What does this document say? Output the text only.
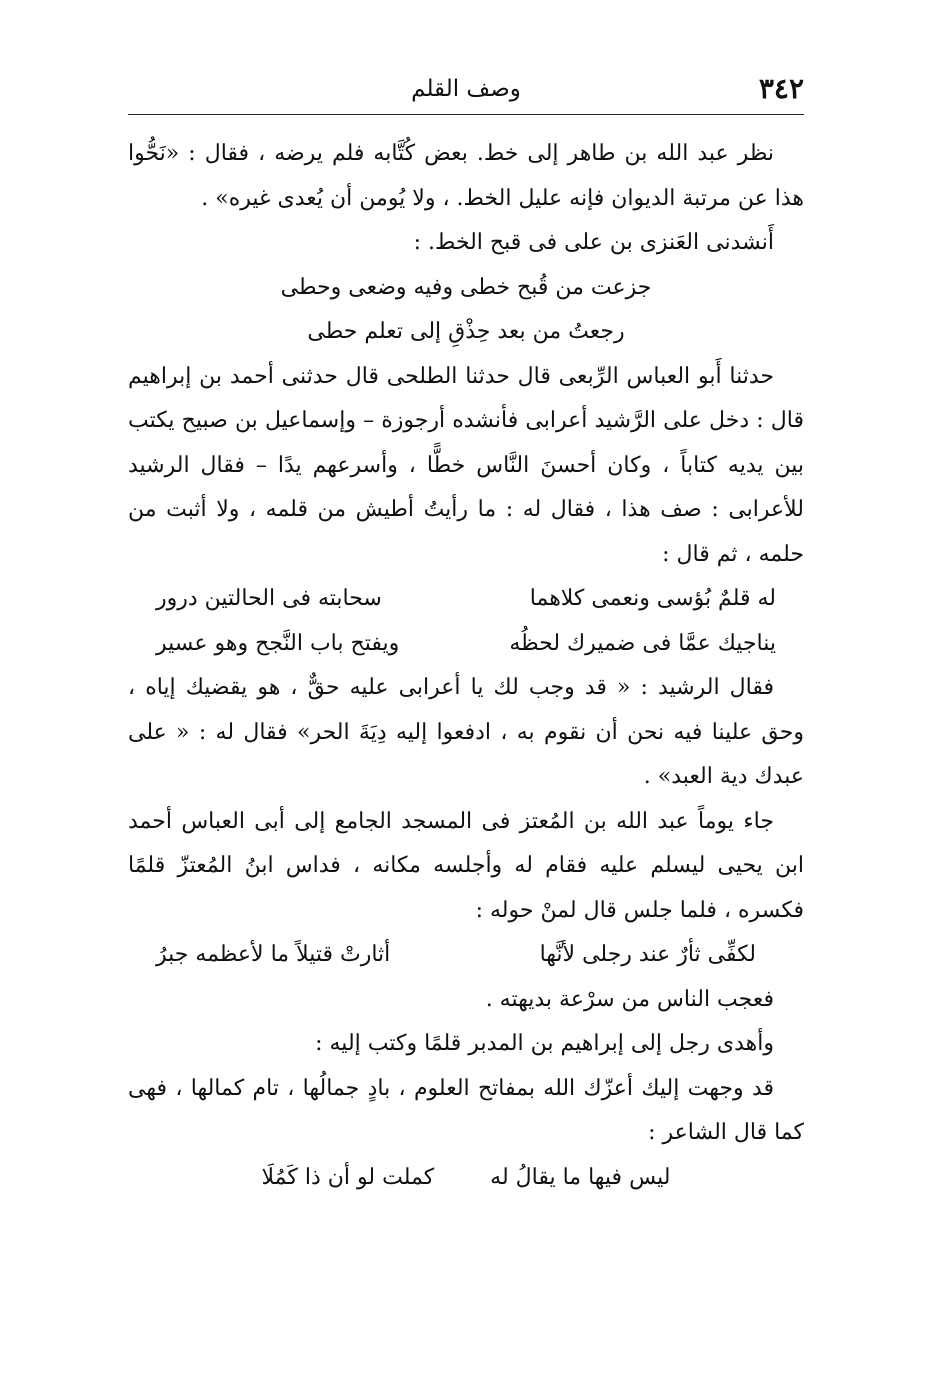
٣٤٢
وصف القلم

نظر عبد الله بن طاهر إلى خط. بعض كُتَّابه فلم يرضه ، فقال : «نَحُّوا هذا عن مرتبة الديوان فإنه عليل الخط. ، ولا يُومن أن يُعدى غيره» .

أَنشدنى العَنزى بن على فى قبح الخط. :

جزعت من قُبح خطى وفيه وضعى وحطى
رجعتُ من بعد حِذْقِ إلى تعلم حطى

حدثنا أَبو العباس الرِّبعى قال حدثنا الطلحى قال حدثنى أحمد بن إبراهيم قال : دخل على الرَّشيد أعرابى فأنشده أرجوزة – وإسماعيل بن صبيح يكتب بين يديه كتاباً ، وكان أحسنَ النَّاس خطًّا ، وأسرعهم يدًا – فقال الرشيد للأعرابى : صف هذا ، فقال له : ما رأيتُ أطيش من قلمه ، ولا أثبت من حلمه ، ثم قال :

له قلمٌ بُؤسى ونعمى كلاهما
سحابته فى الحالتين درور
يناجيك عمَّا فى ضميرك لحظُه
ويفتح باب النَّجح وهو عسير

فقال الرشيد : « قد وجب لك يا أعرابى عليه حقٌّ ، هو يقضيك إياه ، وحق علينا فيه نحن أن نقوم به ، ادفعوا إليه دِيَةَ الحر» فقال له : « على عبدك دية العبد» .

جاء يوماً عبد الله بن المُعتز فى المسجد الجامع إلى أبى العباس أحمد ابن يحيى ليسلم عليه فقام له وأجلسه مكانه ، فداس ابنُ المُعتزّ قلمًا فكسره ، فلما جلس قال لمنْ حوله :

لكفِّى ثأرٌ عند رجلى لأنَّها
أثارتْ قتيلاً ما لأعظمه جبرُ

فعجب الناس من سرْعة بديهته .

وأهدى رجل إلى إبراهيم بن المدبر قلمًا وكتب إليه :

قد وجهت إليك أعزّك الله بمفاتح العلوم ، بادٍ جمالُها ، تام كمالها ، فهى كما قال الشاعر :

ليس فيها ما يقالُ له
كملت لو أن ذا كَمُلَا
